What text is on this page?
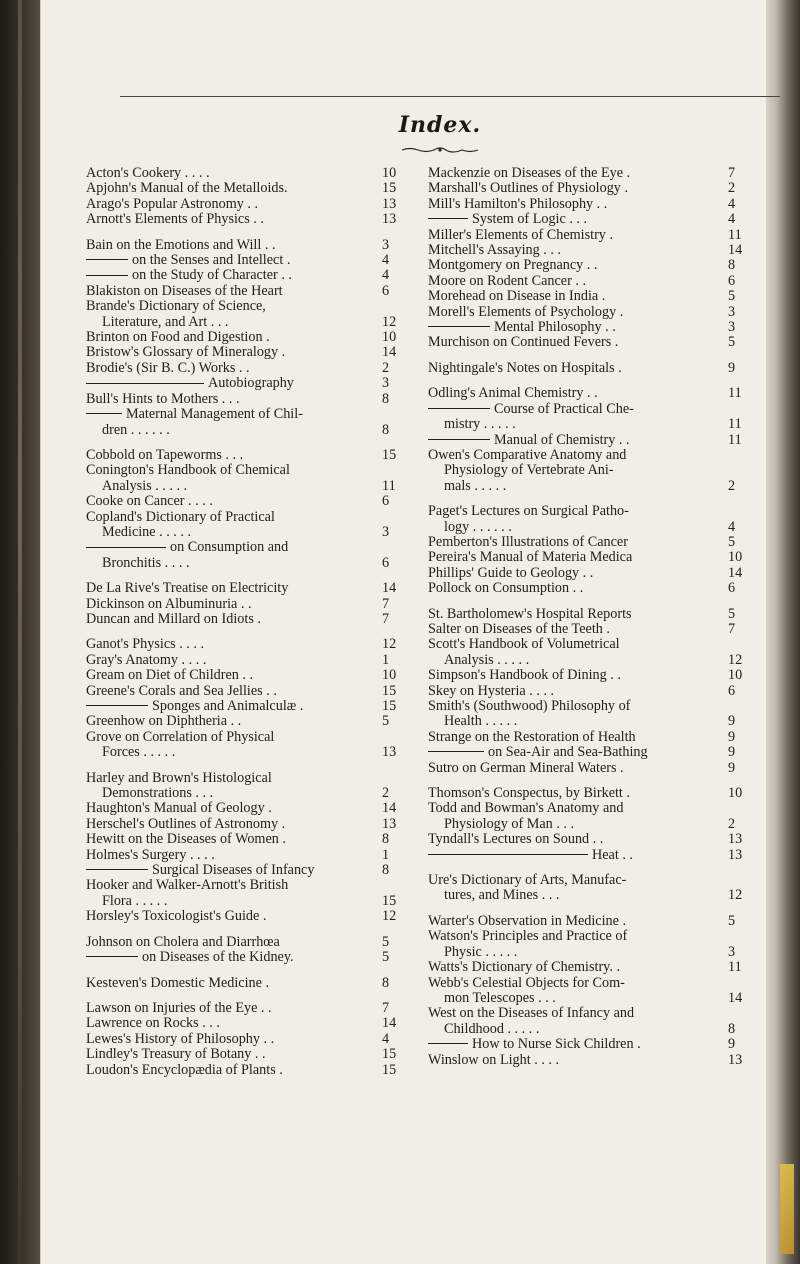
Index.
Acton's Cookery . . . .	10
Apjohn's Manual of the Metalloids.	15
Arago's Popular Astronomy . .	13
Arnott's Elements of Physics . .	13
Bain on the Emotions and Will . .	3
on the Senses and Intellect .	4
on the Study of Character . .	4
Blakiston on Diseases of the Heart	6
Brande's Dictionary of Science,
Literature, and Art . . .	12
Brinton on Food and Digestion .	10
Bristow's Glossary of Mineralogy .	14
Brodie's (Sir B. C.) Works . .	2
Autobiography	3
Bull's Hints to Mothers . . .	8
Maternal Management of Chil-
dren . . . . . .	8
Cobbold on Tapeworms . . .	15
Conington's Handbook of Chemical
Analysis . . . . .	11
Cooke on Cancer . . . .	6
Copland's Dictionary of Practical
Medicine . . . . .	3
on Consumption and
Bronchitis . . . .	6
De La Rive's Treatise on Electricity	14
Dickinson on Albuminuria . .	7
Duncan and Millard on Idiots .	7
Ganot's Physics . . . .	12
Gray's Anatomy . . . .	1
Gream on Diet of Children . .	10
Greene's Corals and Sea Jellies . .	15
Sponges and Animalculæ .	15
Greenhow on Diphtheria . .	5
Grove on Correlation of Physical
Forces . . . . .	13
Harley and Brown's Histological
Demonstrations . . .	2
Haughton's Manual of Geology .	14
Herschel's Outlines of Astronomy .	13
Hewitt on the Diseases of Women .	8
Holmes's Surgery . . . .	1
Surgical Diseases of Infancy	8
Hooker and Walker-Arnott's British
Flora . . . . .	15
Horsley's Toxicologist's Guide .	12
Johnson on Cholera and Diarrhœa	5
on Diseases of the Kidney.	5
Kesteven's Domestic Medicine .	8
Lawson on Injuries of the Eye . .	7
Lawrence on Rocks . . .	14
Lewes's History of Philosophy . .	4
Lindley's Treasury of Botany . .	15
Loudon's Encyclopædia of Plants .	15
Mackenzie on Diseases of the Eye .	7
Marshall's Outlines of Physiology .	2
Mill's Hamilton's Philosophy . .	4
System of Logic . . .	4
Miller's Elements of Chemistry .	11
Mitchell's Assaying . . .	14
Montgomery on Pregnancy . .	8
Moore on Rodent Cancer . .	6
Morehead on Disease in India .	5
Morell's Elements of Psychology .	3
Mental Philosophy . .	3
Murchison on Continued Fevers .	5
Nightingale's Notes on Hospitals .	9
Odling's Animal Chemistry . .	11
Course of Practical Che-
mistry . . . . .	11
Manual of Chemistry . .	11
Owen's Comparative Anatomy and
Physiology of Vertebrate Ani-
mals . . . . .	2
Paget's Lectures on Surgical Patho-
logy . . . . . .	4
Pemberton's Illustrations of Cancer	5
Pereira's Manual of Materia Medica	10
Phillips' Guide to Geology . .	14
Pollock on Consumption . .	6
St. Bartholomew's Hospital Reports	5
Salter on Diseases of the Teeth .	7
Scott's Handbook of Volumetrical
Analysis . . . . .	12
Simpson's Handbook of Dining . .	10
Skey on Hysteria . . . .	6
Smith's (Southwood) Philosophy of
Health . . . . .	9
Strange on the Restoration of Health	9
on Sea-Air and Sea-Bathing	9
Sutro on German Mineral Waters .	9
Thomson's Conspectus, by Birkett .	10
Todd and Bowman's Anatomy and
Physiology of Man . . .	2
Tyndall's Lectures on Sound . .	13
Heat . .	13
Ure's Dictionary of Arts, Manufac-
tures, and Mines . . .	12
Warter's Observation in Medicine .	5
Watson's Principles and Practice of
Physic . . . . .	3
Watts's Dictionary of Chemistry. .	11
Webb's Celestial Objects for Com-
mon Telescopes . . .	14
West on the Diseases of Infancy and
Childhood . . . . .	8
How to Nurse Sick Children .	9
Winslow on Light . . . .	13
